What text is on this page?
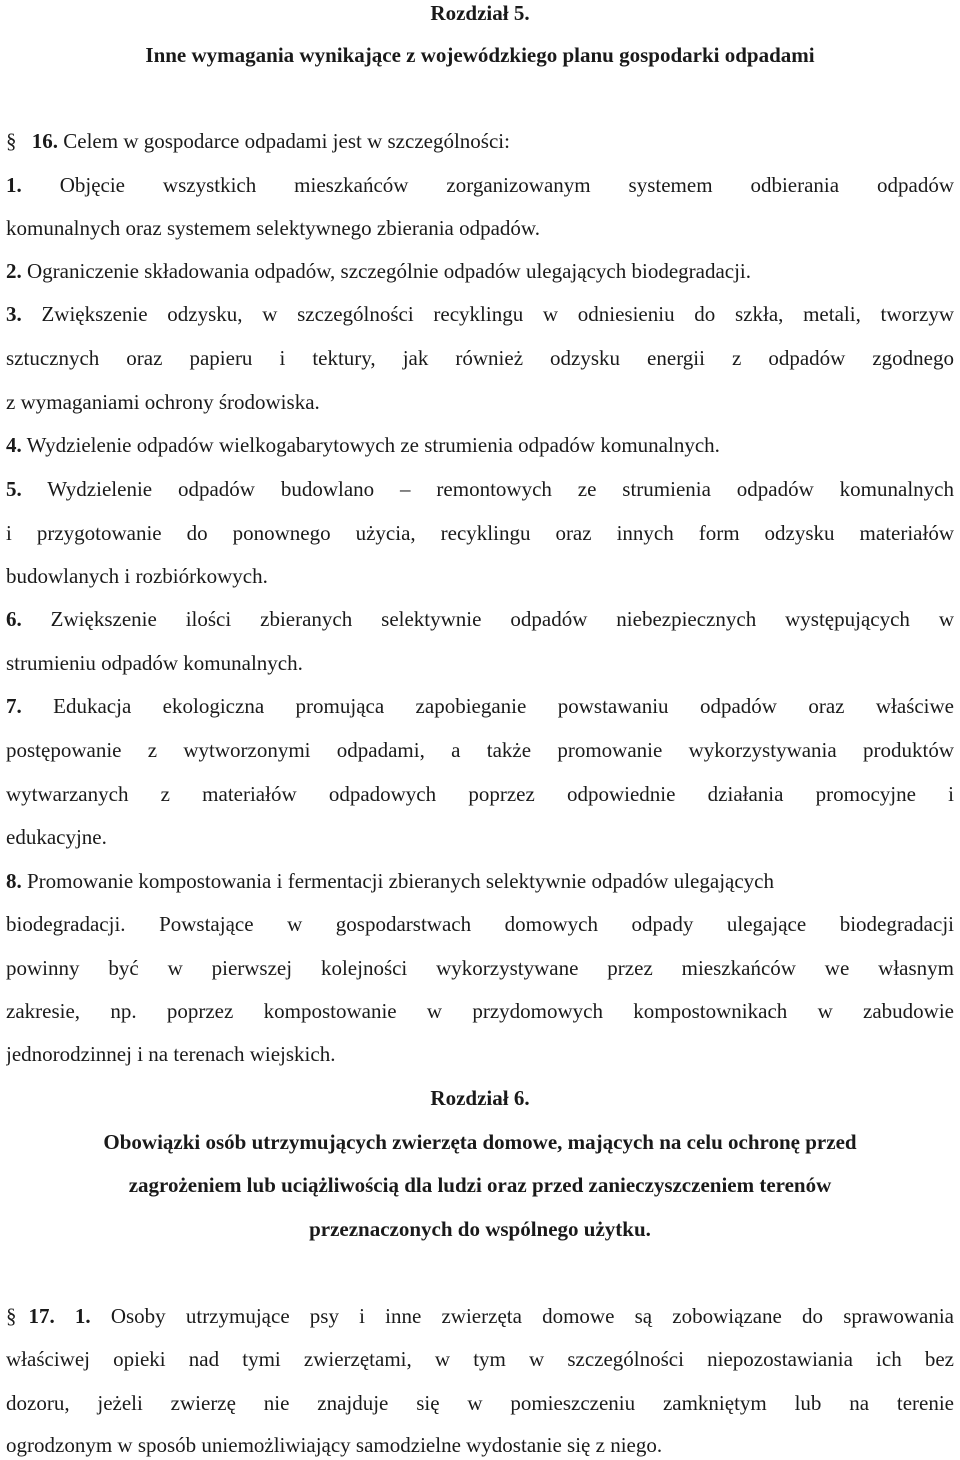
Rozdział 5.
Inne wymagania wynikające z wojewódzkiego planu gospodarki odpadami
§ 16. Celem w gospodarce odpadami jest w szczególności:
1. Objęcie wszystkich mieszkańców zorganizowanym systemem odbierania odpadów
komunalnych oraz systemem selektywnego zbierania odpadów.
2. Ograniczenie składowania odpadów, szczególnie odpadów ulegających biodegradacji.
3. Zwiększenie odzysku, w szczególności recyklingu w odniesieniu do szkła, metali, tworzyw
sztucznych oraz papieru i tektury, jak również odzysku energii z odpadów zgodnego
z wymaganiami ochrony środowiska.
4. Wydzielenie odpadów wielkogabarytowych ze strumienia odpadów komunalnych.
5. Wydzielenie odpadów budowlano – remontowych ze strumienia odpadów komunalnych
i przygotowanie do ponownego użycia, recyklingu oraz innych form odzysku materiałów
budowlanych i rozbiórkowych.
6. Zwiększenie ilości zbieranych selektywnie odpadów niebezpiecznych występujących w
strumieniu odpadów komunalnych.
7. Edukacja ekologiczna promująca zapobieganie powstawaniu odpadów oraz właściwe
postępowanie z wytworzonymi odpadami, a także promowanie wykorzystywania produktów
wytwarzanych z materiałów odpadowych poprzez odpowiednie działania promocyjne i
edukacyjne.
8. Promowanie kompostowania i fermentacji zbieranych selektywnie odpadów ulegających
biodegradacji. Powstające w gospodarstwach domowych odpady ulegające biodegradacji
powinny być w pierwszej kolejności wykorzystywane przez mieszkańców we własnym
zakresie, np. poprzez kompostowanie w przydomowych kompostownikach w zabudowie
jednorodzinnej i na terenach wiejskich.
Rozdział 6.
Obowiązki osób utrzymujących zwierzęta domowe, mających na celu ochronę przed
zagrożeniem lub uciążliwością dla ludzi oraz przed zanieczyszczeniem terenów
przeznaczonych do wspólnego użytku.
§ 17. 1. Osoby utrzymujące psy i inne zwierzęta domowe są zobowiązane do sprawowania
właściwej opieki nad tymi zwierzętami, w tym w szczególności niepozostawiania ich bez
dozoru, jeżeli zwierzę nie znajduje się w pomieszczeniu zamkniętym lub na terenie
ogrodzonym w sposób uniemożliwiający samodzielne wydostanie się z niego.
